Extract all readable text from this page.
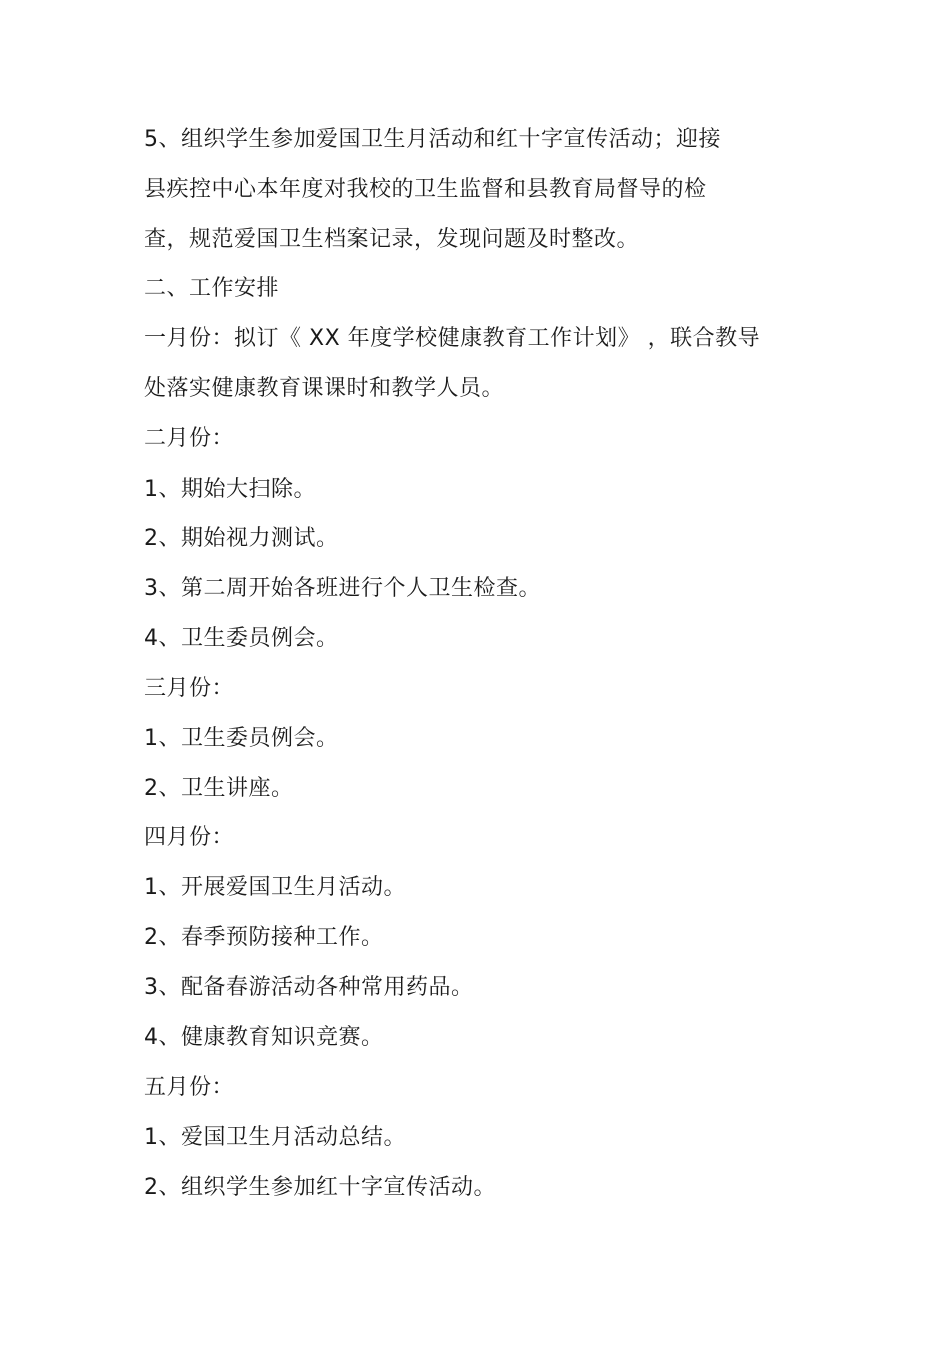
5、组织学生参加爱国卫生月活动和红十字宣传活动；迎接
县疾控中心本年度对我校的卫生监督和县教育局督导的检
查，规范爱国卫生档案记录，发现问题及时整改。
二、工作安排
一月份：拟订《 XX 年度学校健康教育工作计划》 ，联合教导
处落实健康教育课课时和教学人员。
二月份：
1、期始大扫除。
2、期始视力测试。
3、第二周开始各班进行个人卫生检查。
4、卫生委员例会。
三月份：
1、卫生委员例会。
2、卫生讲座。
四月份：
1、开展爱国卫生月活动。
2、春季预防接种工作。
3、配备春游活动各种常用药品。
4、健康教育知识竞赛。
五月份：
1、爱国卫生月活动总结。
2、组织学生参加红十字宣传活动。
